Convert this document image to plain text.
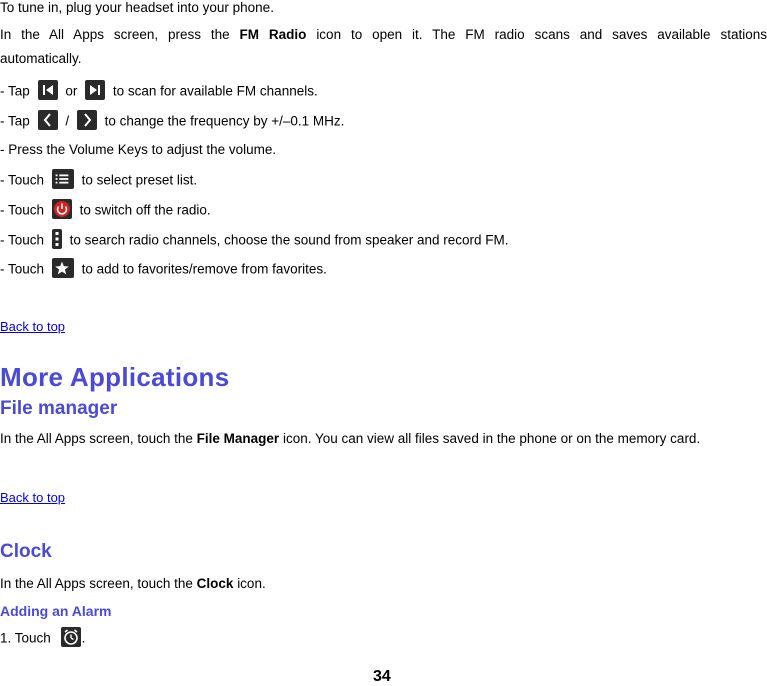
To tune in, plug your headset into your phone.
In the All Apps screen, press the FM Radio icon to open it. The FM radio scans and saves available stations
automatically.
- Tap	or	to scan for available FM channels.
- Tap	/	to change the frequency by +/–0.1 MHz.
- Press the Volume Keys to adjust the volume.
- Touch	to select preset list.
- Touch	to switch off the radio.
- Touch to search radio channels, choose the sound from speaker and record FM.
- Touch	to add to favorites/remove from favorites.
Back to top
More Applications
File manager
In the All Apps screen, touch the File Manager icon. You can view all files saved in the phone or on the memory card.
Back to top
Clock
In the All Apps screen, touch the Clock icon.
Adding an Alarm
1. Touch .
34
